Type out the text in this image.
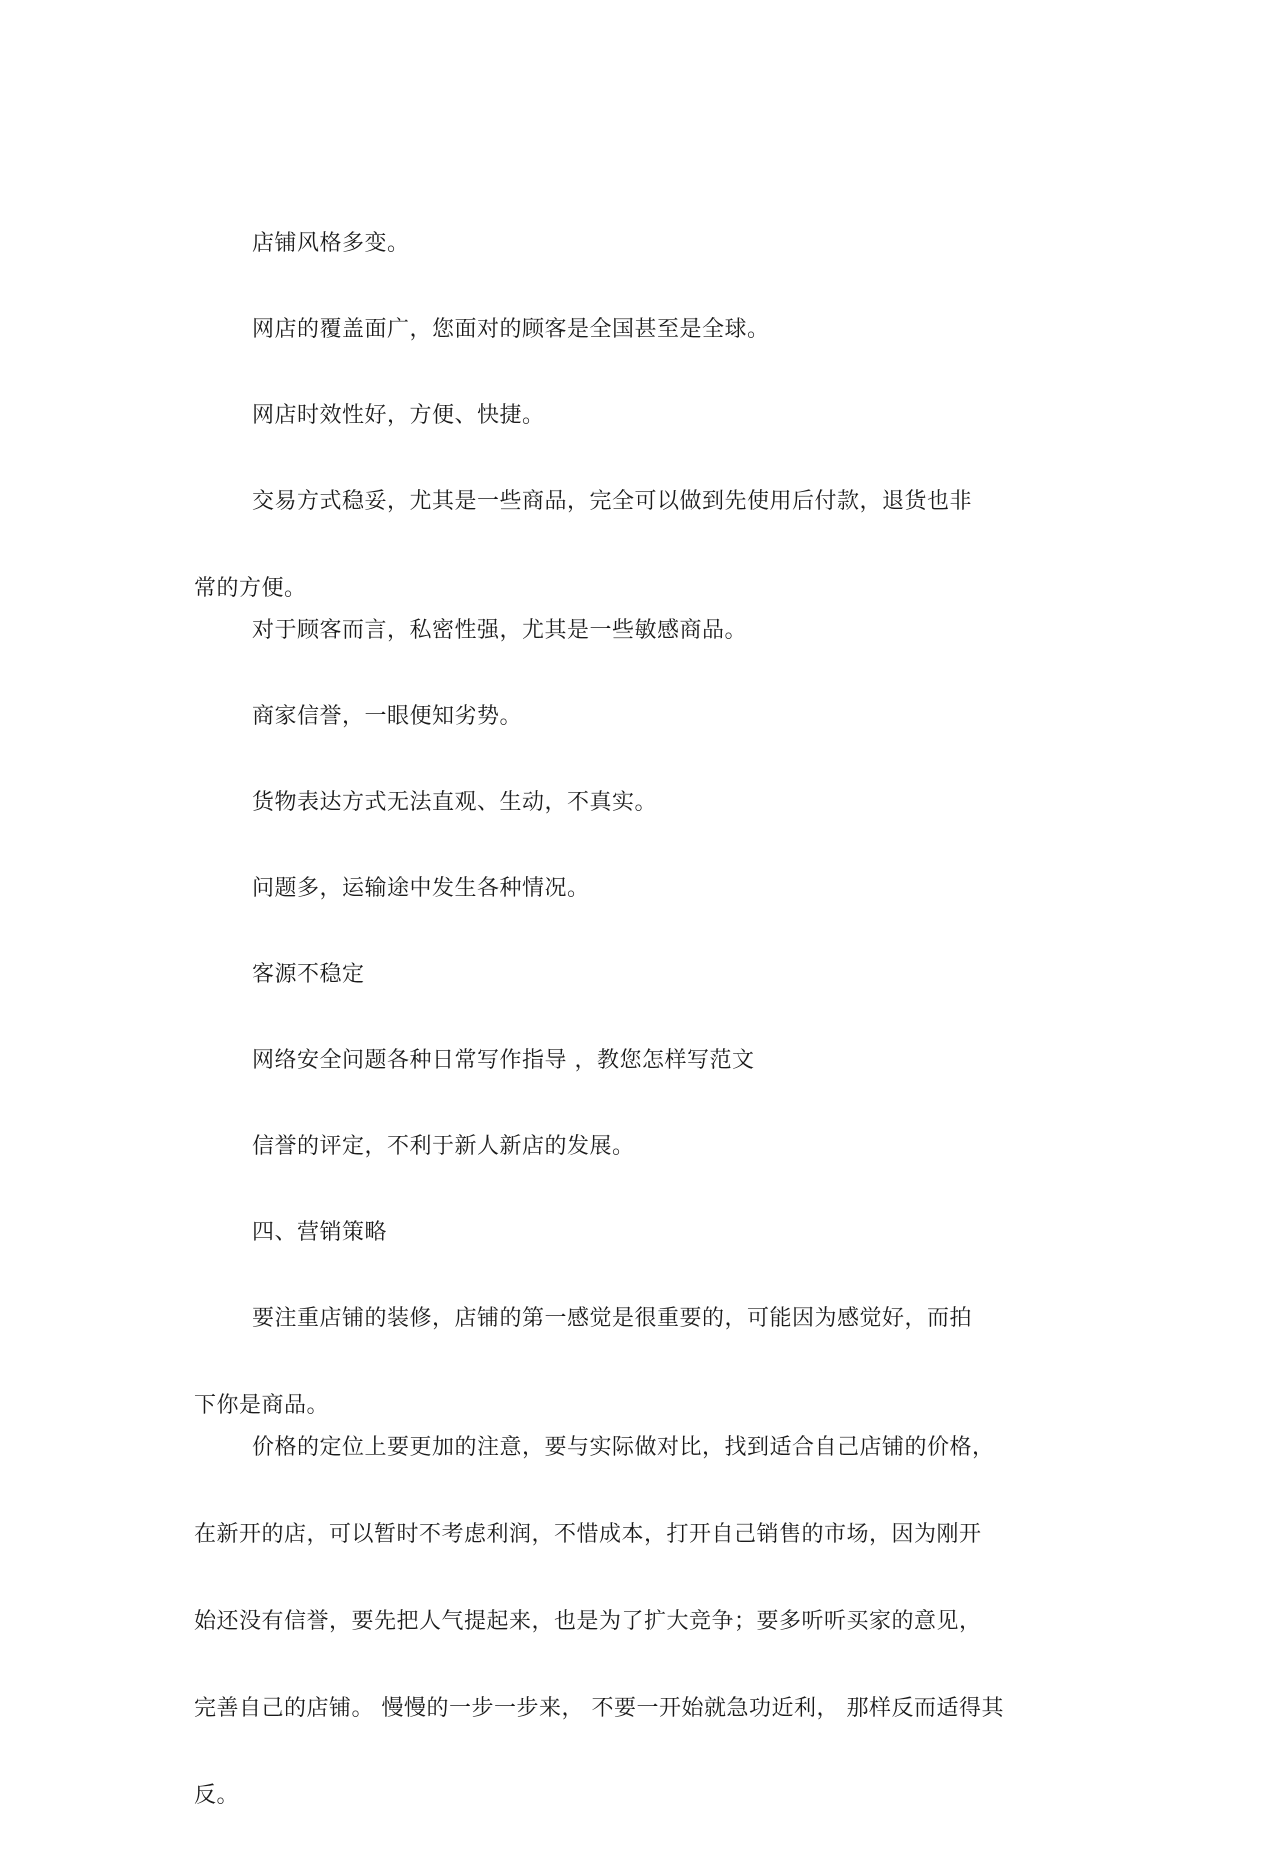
店铺风格多变。

网店的覆盖面广，您面对的顾客是全国甚至是全球。

网店时效性好，方便、快捷。

交易方式稳妥，尤其是一些商品，完全可以做到先使用后付款，退货也非

常的方便。

对于顾客而言，私密性强，尤其是一些敏感商品。

商家信誉，一眼便知劣势。

货物表达方式无法直观、生动，不真实。

问题多，运输途中发生各种情况。

客源不稳定

网络安全问题各种日常写作指导 ，教您怎样写范文

信誉的评定，不利于新人新店的发展。

四、营销策略

要注重店铺的装修，店铺的第一感觉是很重要的，可能因为感觉好，而拍

下你是商品。

价格的定位上要更加的注意，要与实际做对比，找到适合自己店铺的价格，

在新开的店，可以暂时不考虑利润，不惜成本，打开自己销售的市场，因为刚开

始还没有信誉，要先把人气提起来，也是为了扩大竞争；要多听听买家的意见，

完善自己的店铺。 慢慢的一步一步来， 不要一开始就急功近利， 那样反而适得其

反。
